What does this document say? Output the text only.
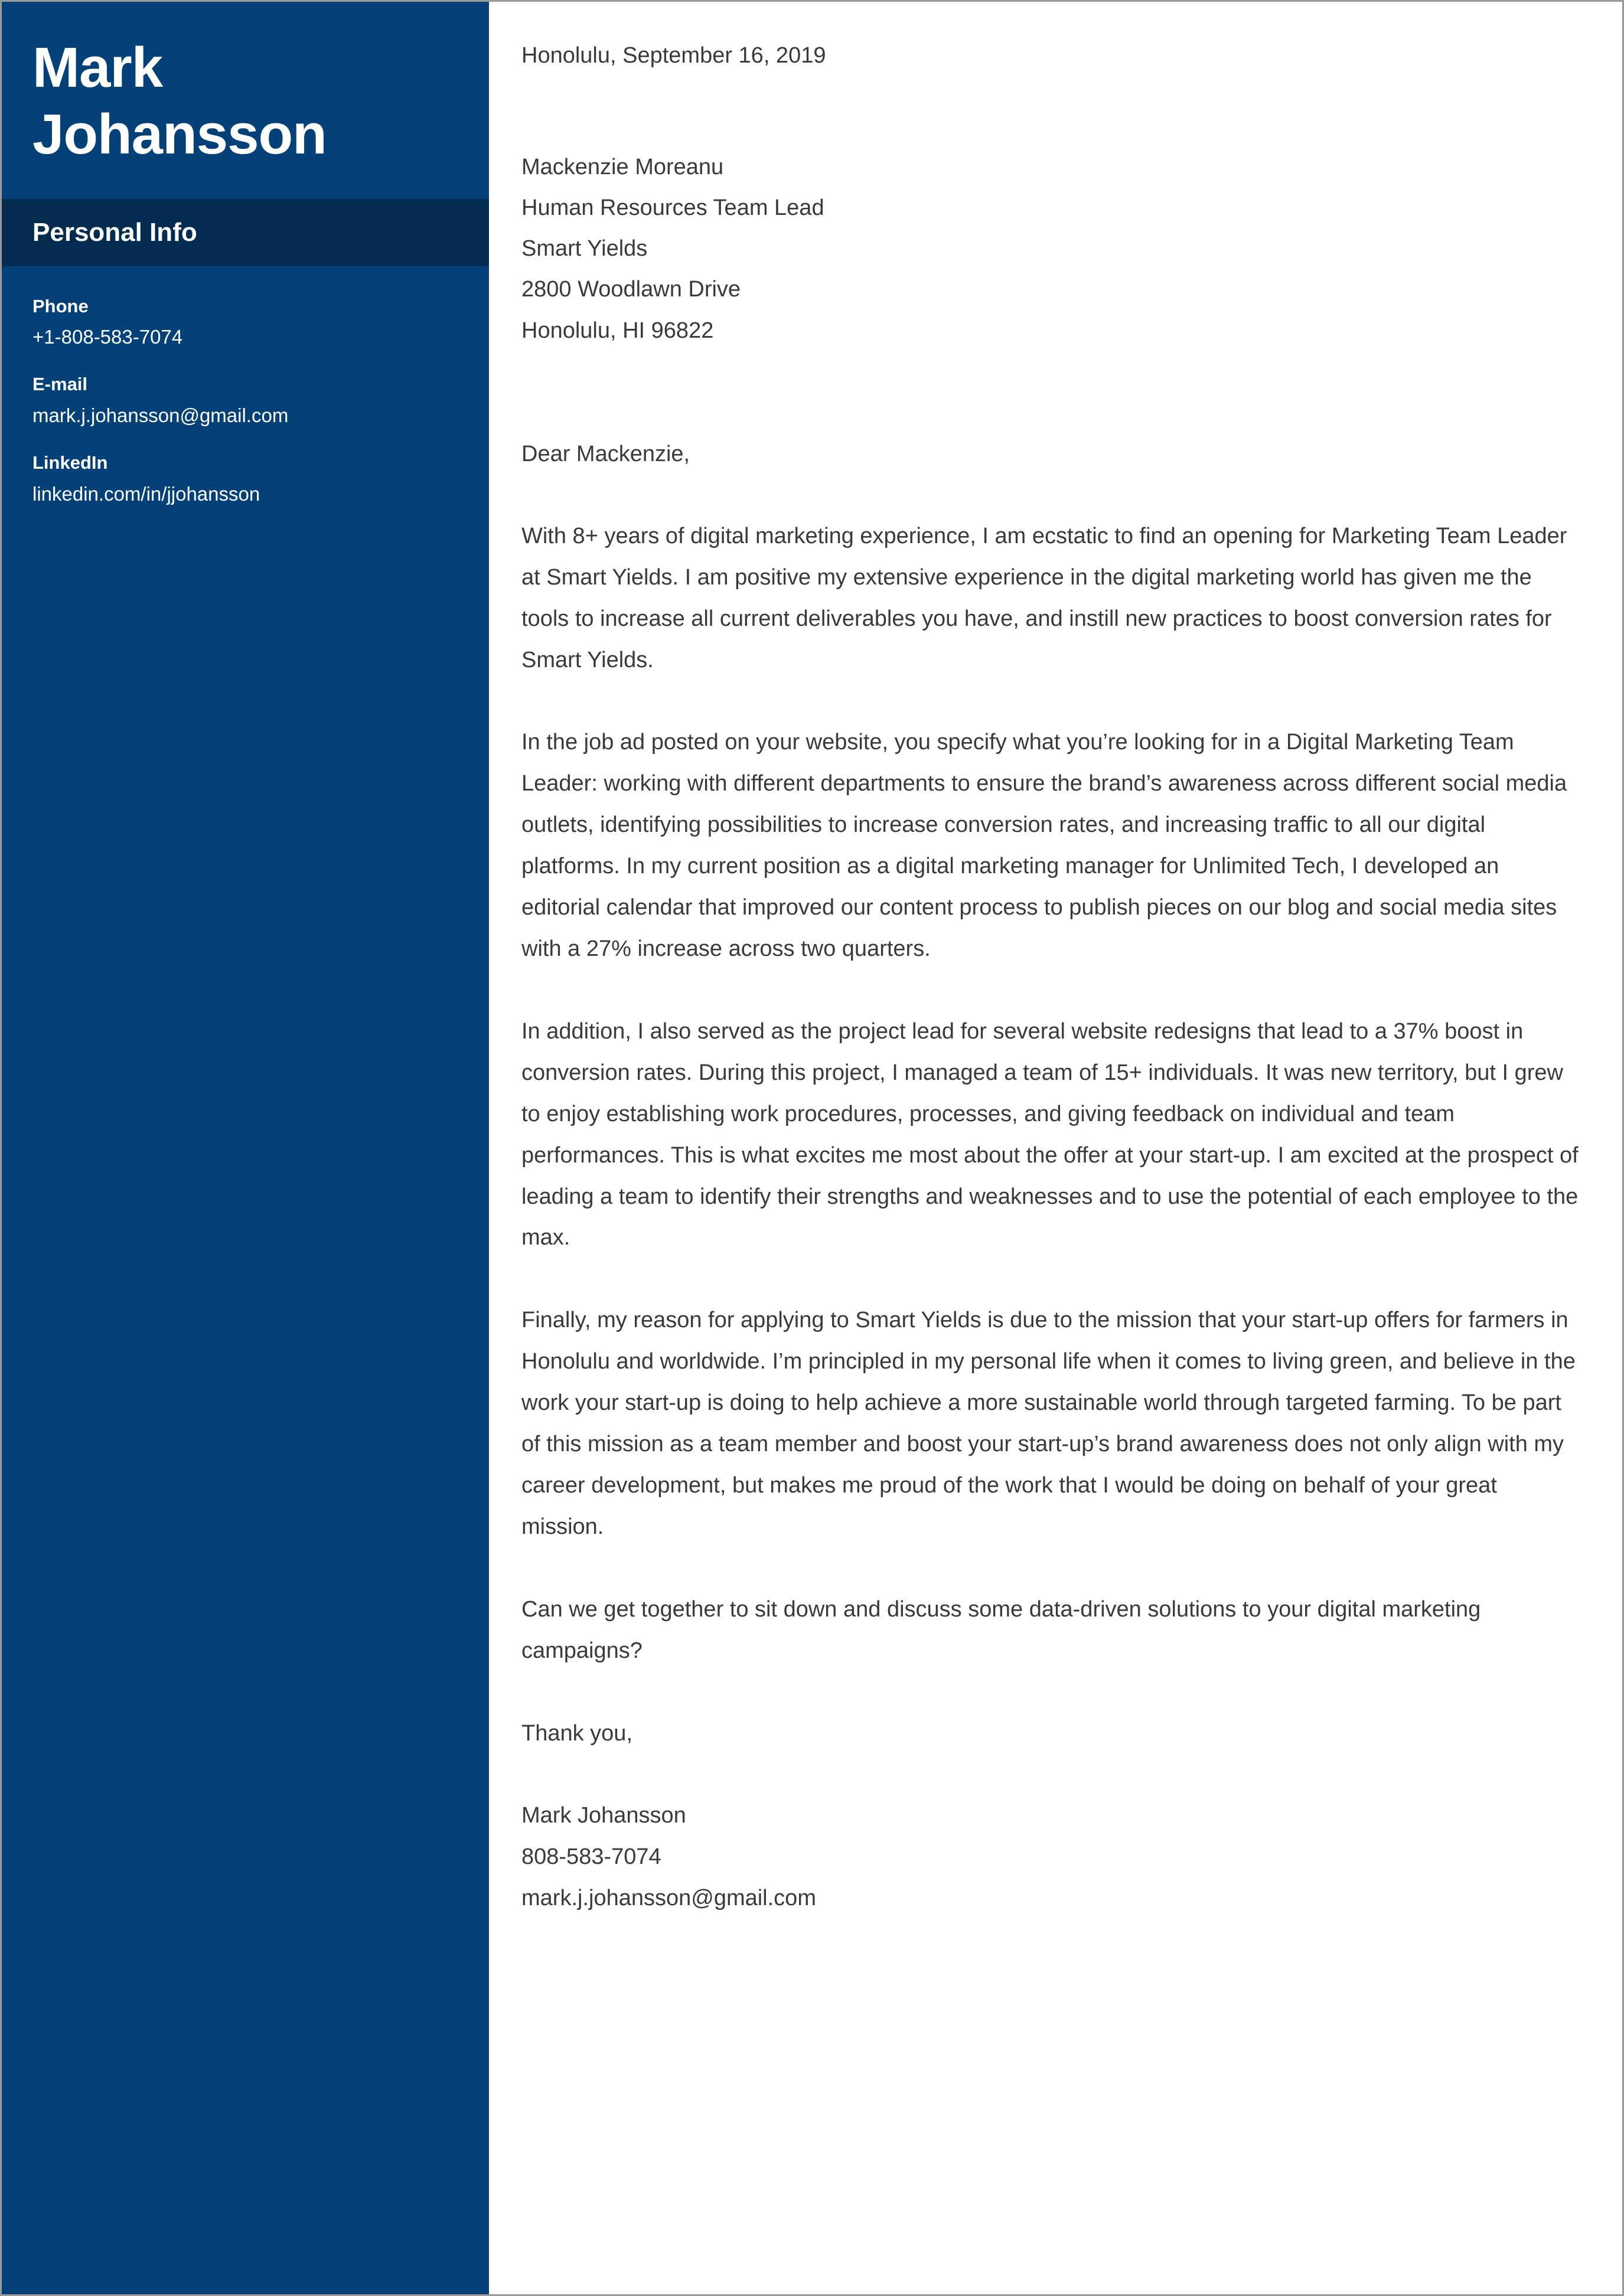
Mark
Johansson
Personal Info
Phone
+1-808-583-7074
E-mail
mark.j.johansson@gmail.com
LinkedIn
linkedin.com/in/jjohansson
Honolulu, September 16, 2019
Mackenzie Moreanu
Human Resources Team Lead
Smart Yields
2800 Woodlawn Drive
Honolulu, HI 96822
Dear Mackenzie,

With 8+ years of digital marketing experience, I am ecstatic to find an opening for Marketing Team Leader at Smart Yields. I am positive my extensive experience in the digital marketing world has given me the tools to increase all current deliverables you have, and instill new practices to boost conversion rates for Smart Yields.

In the job ad posted on your website, you specify what you’re looking for in a Digital Marketing Team Leader: working with different departments to ensure the brand’s awareness across different social media outlets, identifying possibilities to increase conversion rates, and increasing traffic to all our digital platforms. In my current position as a digital marketing manager for Unlimited Tech, I developed an editorial calendar that improved our content process to publish pieces on our blog and social media sites with a 27% increase across two quarters.

In addition, I also served as the project lead for several website redesigns that lead to a 37% boost in conversion rates. During this project, I managed a team of 15+ individuals. It was new territory, but I grew to enjoy establishing work procedures, processes, and giving feedback on individual and team performances. This is what excites me most about the offer at your start-up. I am excited at the prospect of leading a team to identify their strengths and weaknesses and to use the potential of each employee to the max.

Finally, my reason for applying to Smart Yields is due to the mission that your start-up offers for farmers in Honolulu and worldwide. I’m principled in my personal life when it comes to living green, and believe in the work your start-up is doing to help achieve a more sustainable world through targeted farming. To be part of this mission as a team member and boost your start-up’s brand awareness does not only align with my career development, but makes me proud of the work that I would be doing on behalf of your great mission.

Can we get together to sit down and discuss some data-driven solutions to your digital marketing campaigns?

Thank you,
Mark Johansson
808-583-7074
mark.j.johansson@gmail.com
